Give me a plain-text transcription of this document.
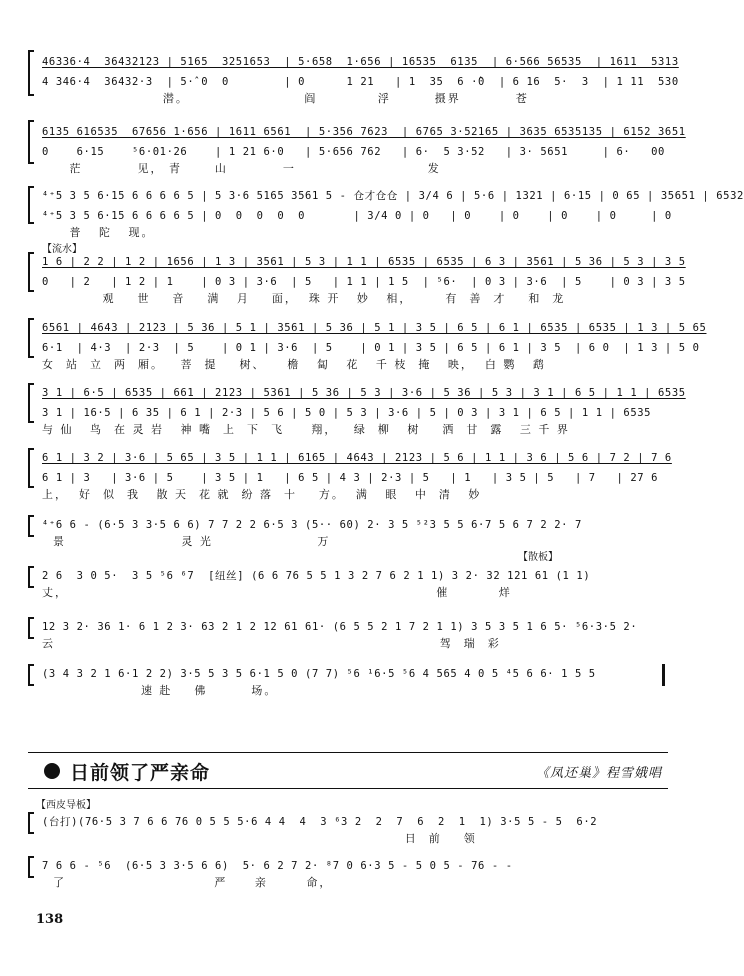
46336·4  36432123 | 5165  3251653  | 5·658  1·656 | 16535  6135  | 6·566 56535  | 1611  5313
4 346·4  36432·3  | 5·̂ 0  0        | 0      1 21   | 1  35  6 ·̂0  | 6 16  5·  3  | 1 11  530
潜。                     阎           浮        摄界          苍
6135 616535  67656 1·656 | 1611 6561  | 5·356 7623  | 6765 3·52165 | 3635 6535135 | 6152 3651
0    6·15    ⁵6·01·26    | 1 21 6·0   | 5·656 762   | 6·  5 3·52   | 3· 5651     | 6·   00
茫          见， 青      山          一                        发
⁴⁺5 3 5 6·15 6 6 6 6 5 | 5 3·6 5165 3561 5 - 仓才仓仓 | 3/4 6 | 5·6 | 1321 | 6·15 | 0 65 | 35651 | 6532
⁴⁺5 3 5 6·15 6 6 6 6 5 | 0  0  0  0  0       | 3/4 0 | 0   | 0    | 0    | 0    | 0     | 0
普   陀   现。
【流水】
1 6 | 2 2 | 1 2 | 1656 | 1 3 | 3561 | 5 3 | 1 1 | 6535 | 6535 | 6 3 | 3561 | 5 36 | 5 3 | 3 5
0   | 2   | 1 2 | 1    | 0 3 | 3·6  | 5   | 1 1 | 1 5  | ⁵6·  | 0 3 | 3·6  | 5    | 0 3 | 3 5
观    世    音    满   月    面，  珠 开   妙   相，      有  善  才    和  龙
6561 | 4643 | 2123 | 5 36 | 5 1 | 3561 | 5 36 | 5 1 | 3 5 | 6 5 | 6 1 | 6535 | 6535 | 1 3 | 5 65
6·1  | 4·3  | 2·3  | 5    | 0 1 | 3·6  | 5    | 0 1 | 3 5 | 6 5 | 6 1 | 3 5  | 6 0  | 1 3 | 5 0
女  站  立  两  厢。   菩  提    树、    檐   匐   花   千 枝  掩   映，  白 鹦   鹉
3 1 | 6·5 | 6535 | 661 | 2123 | 5361 | 5 36 | 5 3 | 3·6 | 5 36 | 5 3 | 3 1 | 6 5 | 1 1 | 6535
3 1 | 16·5 | 6 35 | 6 1 | 2·3 | 5 6 | 5 0 | 5 3 | 3·6 | 5 | 0 3 | 3 1 | 6 5 | 1 1 | 6535
与 仙   鸟  在 灵 岩   神 嘴  上  下  飞     翔，   绿  柳   树    洒  甘  露   三 千 界
6 1 | 3 2 | 3·6 | 5 65 | 3 5 | 1 1 | 6165 | 4643 | 2123 | 5 6 | 1 1 | 3 6 | 5 6 | 7 2 | 7 6
6 1 | 3   | 3·6 | 5    | 3 5 | 1   | 6 5 | 4 3 | 2·3 | 5   | 1   | 3 5 | 5   | 7   | 27 6
上，  好  似  我   散 天  花 就  纷 落  十    方。  满   眼   中  清   妙
⁴⁺6 6 - (6·5 3 3·5 6 6) 7 7 2 2 6·5 3 (5·· 60) 2· 3 5 ⁵²3 5 5 6·7 5 6 7 2 2· 7
景                     灵 光                   万
【散板】
2 6  3 0 5·  3 5 ⁵6 ⁶7  [纽丝] (6 6 76 5 5 1 3 2 7 6 2 1 1) 3 2· 32 121 61 (1 1)
丈，                                                                   催         烊
12 3 2· 36 1· 6 1 2 3· 63 2 1 2 12 61 61· (6 5 5 2 1 7 2 1 1) 3 5 3 5 1 6 5· ⁵6·3·5 2·
云                                                                      驾  瑞  彩
(3 4 3 2 1 6·1 2 2) 3·5 5 3 5 6·1 5 0 (7 7) ⁵6 ¹6·5 ⁵6 4 565 4 0 5 ⁴5 6 6· 1 5 5
速 赴    佛        场。
日前领了严亲命	《凤还巢》程雪娥唱
【西皮导板】
(台打)(76·5 3 7 6 6 76 0 5 5 5·6 4 4  4  3 ⁶3 2  2  7  6  2  1  1) 3·5 5 - 5  6·2
日  前    领
7 6 6 - ⁵6  (6·5 3 3·5 6 6)  5· 6 2 7 2· ⁸7 0 6·3 5 - 5 0 5 - 76 - -
了                           严     亲       命，
138
